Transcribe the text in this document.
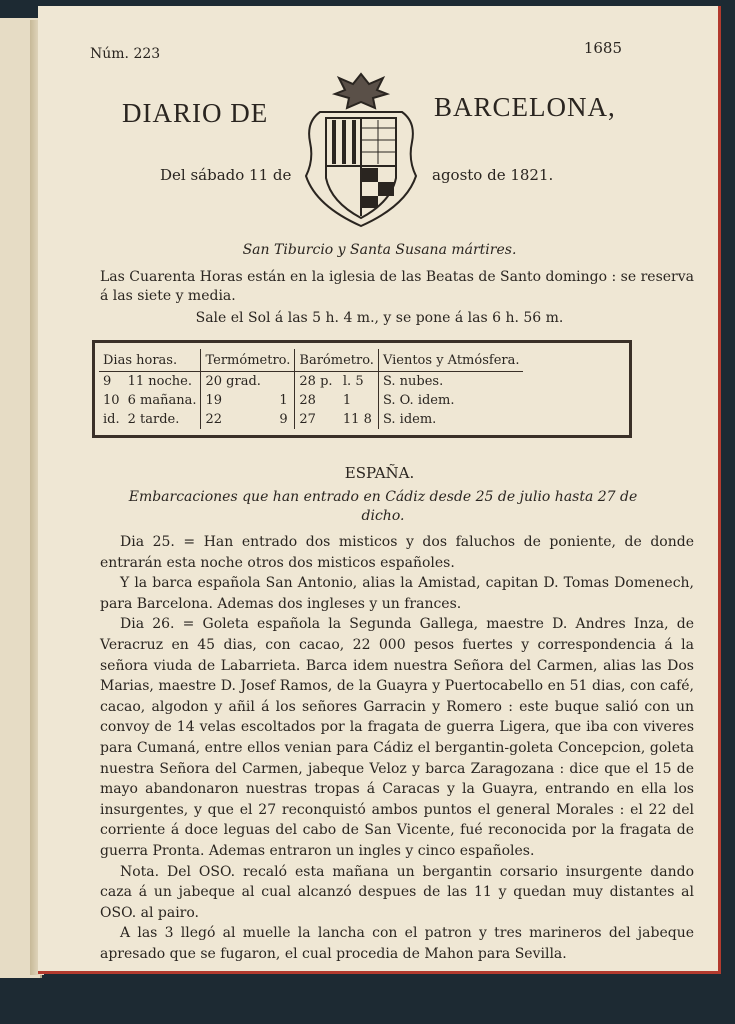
Núm. 223	1685
DIARIO DE	BARCELONA,
Del sábado 11 de	agosto de 1821.
San Tiburcio y Santa Susana mártires.
Las Cuarenta Horas están en la iglesia de las Beatas de Santo domingo : se reserva á las siete y media.
Sale el Sol á las 5 h. 4 m., y se pone á las 6 h. 56 m.
Dias horas.		Termómetro.		Barómetro.		Vientos y Atmósfera.
9	11 noche.	20 grad.		28 p.	l. 5	S. nubes.
10	6 mañana.	19	1	28	1	S. O. idem.
id.	2 tarde.	22	9	27	11 8	S. idem.
ESPAÑA.
Embarcaciones que han entrado en Cádiz desde 25 de julio hasta 27 de dicho.

Dia 25. = Han entrado dos misticos y dos faluchos de poniente, de donde entrarán esta noche otros dos misticos españoles.

Y la barca española San Antonio, alias la Amistad, capitan D. Tomas Domenech, para Barcelona. Ademas dos ingleses y un frances.

Dia 26. = Goleta española la Segunda Gallega, maestre D. Andres Inza, de Veracruz en 45 dias, con cacao, 22 000 pesos fuertes y correspondencia á la señora viuda de Labarrieta. Barca idem nuestra Señora del Carmen, alias las Dos Marias, maestre D. Josef Ramos, de la Guayra y Puertocabello en 51 dias, con café, cacao, algodon y añil á los señores Garracin y Romero : este buque salió con un convoy de 14 velas escoltados por la fragata de guerra Ligera, que iba con viveres para Cumaná, entre ellos venian para Cádiz el bergantin-goleta Concepcion, goleta nuestra Señora del Carmen, jabeque Veloz y barca Zaragozana : dice que el 15 de mayo abandonaron nuestras tropas á Caracas y la Guayra, entrando en ella los insurgentes, y que el 27 reconquistó ambos puntos el general Morales : el 22 del corriente á doce leguas del cabo de San Vicente, fué reconocida por la fragata de guerra Pronta. Ademas entraron un ingles y cinco españoles.

Nota. Del OSO. recaló esta mañana un bergantin corsario insurgente dando caza á un jabeque al cual alcanzó despues de las 11 y quedan muy distantes al OSO. al pairo.

A las 3 llegó al muelle la lancha con el patron y tres marineros del jabeque apresado que se fugaron, el cual procedia de Mahon para Sevilla.
